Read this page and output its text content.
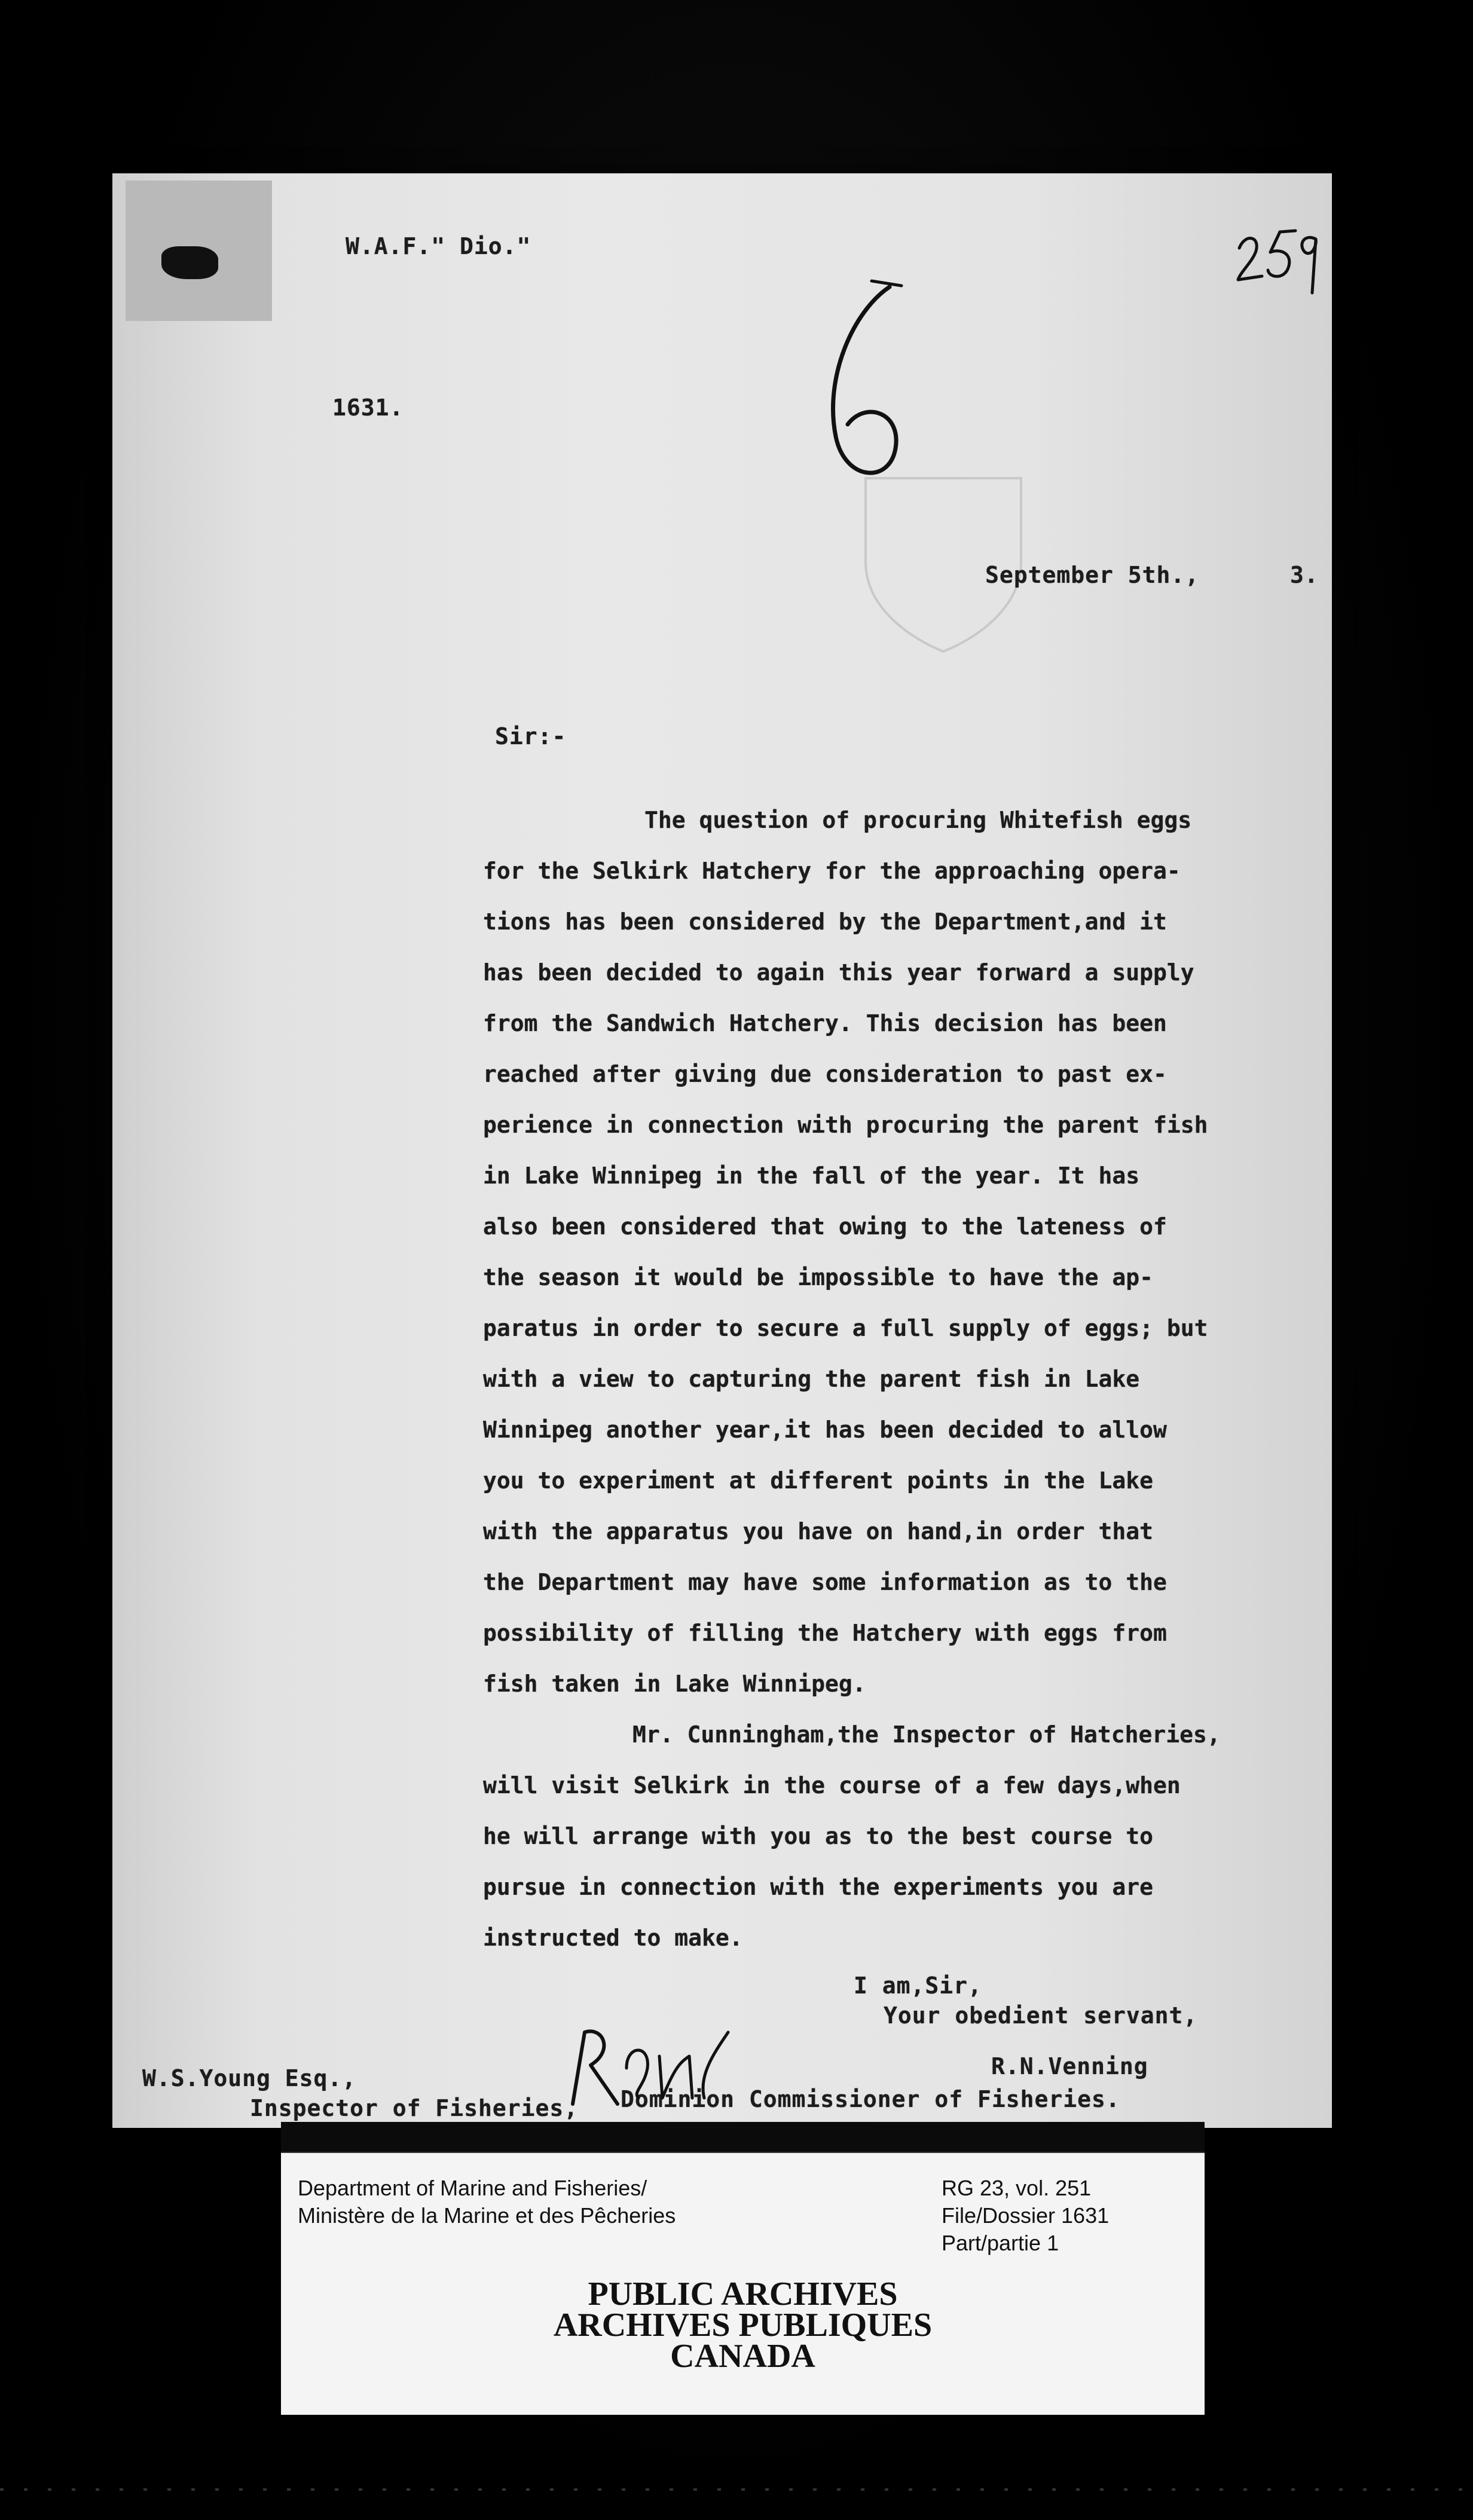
W.A.F." Dio."
1631.
September 5th.,	3.
Sir:-
The question of procuring Whitefish eggs
for the Selkirk Hatchery for the approaching opera-
tions has been considered by the Department,and it
has been decided to again this year forward a supply
from the Sandwich Hatchery. This decision has been
reached after giving due consideration to past ex-
perience in connection with procuring the parent fish
in Lake Winnipeg in the fall of the year. It has
also been considered that owing to the lateness of
the season it would be impossible to have the ap-
paratus in order to secure a full supply of eggs; but
with a view to capturing the parent fish in Lake
Winnipeg another year,it has been decided to allow
you to experiment at different points in the Lake
with the apparatus you have on hand,in order that
the Department may have some information as to the
possibility of filling the Hatchery with eggs from
fish taken in Lake Winnipeg.
Mr. Cunningham,the Inspector of Hatcheries,
will visit Selkirk in the course of a few days,when
he will arrange with you as to the best course to
pursue in connection with the experiments you are
instructed to make.
I am,Sir,
Your obedient servant,
R.N.Venning
Dominion Commissioner of Fisheries.
W.S.Young Esq.,
Inspector of Fisheries,
Department of Marine and Fisheries/
Ministère de la Marine et des Pêcheries
RG 23, vol. 251
File/Dossier 1631
Part/partie 1
PUBLIC ARCHIVES
ARCHIVES PUBLIQUES
CANADA
